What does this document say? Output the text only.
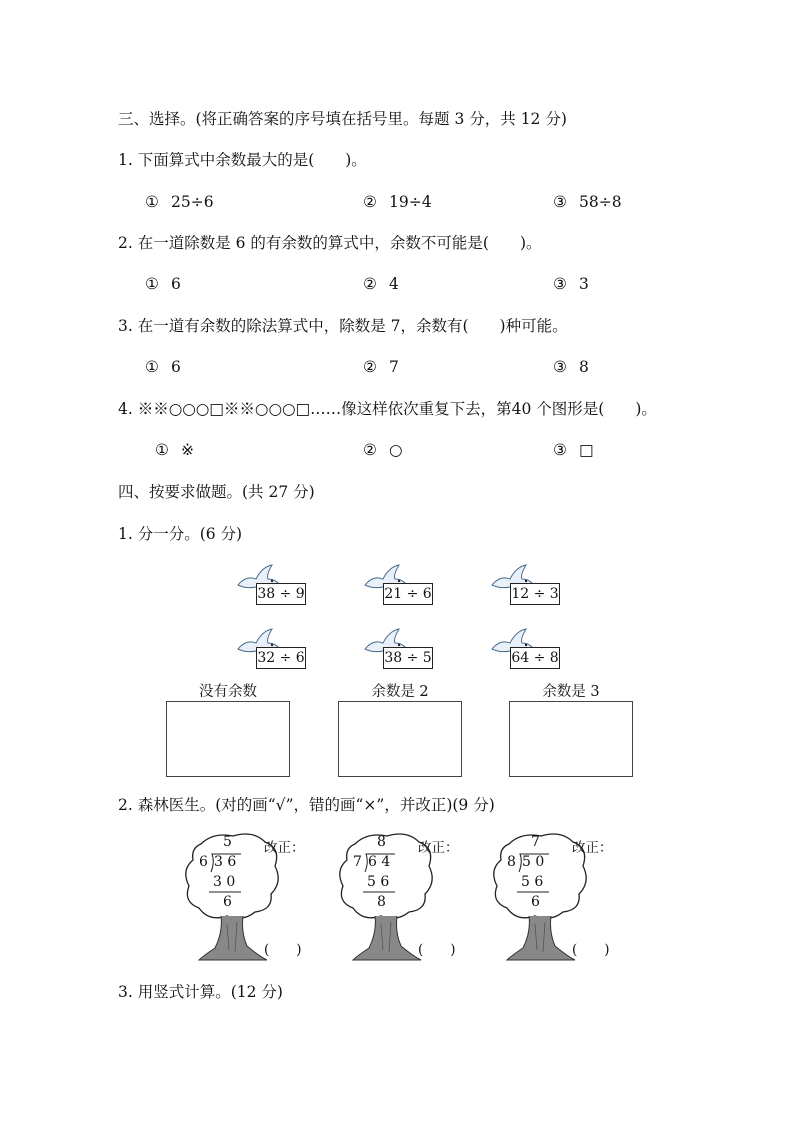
三、选择。(将正确答案的序号填在括号里。每题 3 分，共 12 分)
1. 下面算式中余数最大的是(　　)。
① 25÷6	② 19÷4	③ 58÷8
2. 在一道除数是 6 的有余数的算式中，余数不可能是(　　)。
① 6	② 4	③ 3
3. 在一道有余数的除法算式中，除数是 7，余数有(　　)种可能。
① 6	② 7	③ 8
4. ※※○○○□※※○○○□……像这样依次重复下去，第40 个图形是(　　)。
① ※	② ○	③ □
四、按要求做题。(共 27 分)
1. 分一分。(6 分)
38 ÷ 9	21 ÷ 6	12 ÷ 3
32 ÷ 6	38 ÷ 5	64 ÷ 8
没有余数	余数是 2	余数是 3
2. 森林医生。(对的画“√”，错的画“×”，并改正)(9 分)
5
6 3 6
3 0
6
改正：
(　　)
8
7 6 4
5 6
8
改正：
(　　)
7
8 5 0
5 6
6
改正：
(　　)
3. 用竖式计算。(12 分)
